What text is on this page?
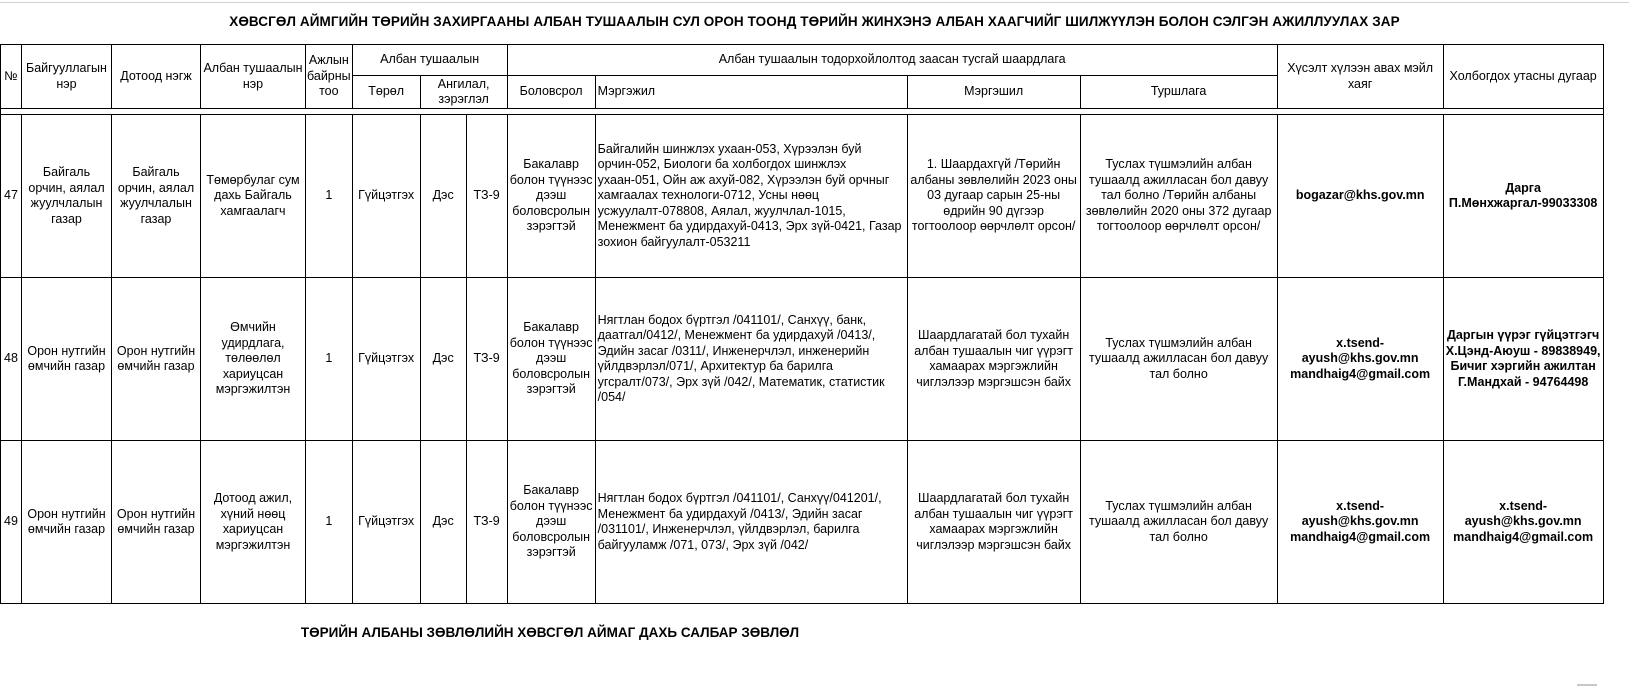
ХӨВСГӨЛ АЙМГИЙН ТӨРИЙН ЗАХИРГААНЫ АЛБАН ТУШААЛЫН СУЛ ОРОН ТООНД ТӨРИЙН ЖИНХЭНЭ АЛБАН ХААГЧИЙГ ШИЛЖҮҮЛЭН БОЛОН СЭЛГЭН АЖИЛЛУУЛАХ ЗАР
№	Байгууллагын нэр	Дотоод нэгж	Албан тушаалын нэр	Ажлын байрны тоо	Албан тушаалын			Албан тушаалын тодорхойлолтод заасан тусгай шаардлага				Хүсэлт хүлээн авах мэйл хаяг	Холбогдох утасны дугаар
					Төрөл	Ангилал, зэрэглэл		Боловсрол	Мэргэжил	Мэргэшил	Туршлага		

47	Байгаль орчин, аялал жуулчлалын газар	Байгаль орчин, аялал жуулчлалын газар	Төмөрбулаг сум дахь Байгаль хамгаалагч	1	Гүйцэтгэх	Дэс	ТЗ-9	Бакалавр болон түүнээс дээш боловсролын зэрэгтэй	Байгалийн шинжлэх ухаан-053, Хүрээлэн буй орчин-052, Биологи ба холбогдох шинжлэх ухаан-051, Ойн аж ахуй-082, Хүрээлэн буй орчныг хамгаалах технологи-0712, Усны нөөц усжуулалт-078808, Аялал, жуулчлал-1015, Менежмент ба удирдахуй-0413, Эрх зүй-0421, Газар зохион байгуулалт-053211	1. Шаардахгүй /Төрийн албаны зөвлөлийн 2023 оны 03 дугаар сарын 25-ны өдрийн 90 дүгээр тогтоолоор өөрчлөлт орсон/	Туслах түшмэлийн албан тушаалд ажилласан бол давуу тал болно /Төрийн албаны зөвлөлийн 2020 оны 372 дугаар тогтоолоор өөрчлөлт орсон/	bogazar@khs.gov.mn	Дарга П.Мөнхжаргал-99033308
48	Орон нутгийн өмчийн газар	Орон нутгийн өмчийн газар	Өмчийн удирдлага, төлөөлөл хариуцсан мэргэжилтэн	1	Гүйцэтгэх	Дэс	ТЗ-9	Бакалавр болон түүнээс дээш боловсролын зэрэгтэй	Нягтлан бодох бүртгэл /041101/, Санхүү, банк, даатгал/0412/, Менежмент ба удирдахуй /0413/, Эдийн засаг /0311/, Инженерчлэл, инженерийн үйлдвэрлэл/071/, Архитектур ба барилга угсралт/073/, Эрх зүй /042/, Математик, статистик /054/	Шаардлагатай бол тухайн албан тушаалын чиг үүрэгт хамаарах мэргэжлийн чиглэлээр мэргэшсэн байх	Туслах түшмэлийн албан тушаалд ажилласан бол давуу тал болно	x.tsend-ayush@khs.gov.mn mandhaig4@gmail.com	Даргын үүрэг гүйцэтгэгч Х.Цэнд-Аюуш - 89838949, Бичиг хэргийн ажилтан Г.Мандхай - 94764498
49	Орон нутгийн өмчийн газар	Орон нутгийн өмчийн газар	Дотоод ажил, хүний нөөц хариуцсан мэргэжилтэн	1	Гүйцэтгэх	Дэс	ТЗ-9	Бакалавр болон түүнээс дээш боловсролын зэрэгтэй	Нягтлан бодох бүртгэл /041101/, Санхүү/041201/, Менежмент ба удирдахуй /0413/, Эдийн засаг /031101/, Инженерчлэл, үйлдвэрлэл, барилга байгууламж /071, 073/, Эрх зүй /042/	Шаардлагатай бол тухайн албан тушаалын чиг үүрэгт хамаарах мэргэжлийн чиглэлээр мэргэшсэн байх	Туслах түшмэлийн албан тушаалд ажилласан бол давуу тал болно	x.tsend-ayush@khs.gov.mn mandhaig4@gmail.com	x.tsend-ayush@khs.gov.mn mandhaig4@gmail.com
ТӨРИЙН АЛБАНЫ ЗӨВЛӨЛИЙН ХӨВСГӨЛ АЙМАГ ДАХЬ САЛБАР ЗӨВЛӨЛ
